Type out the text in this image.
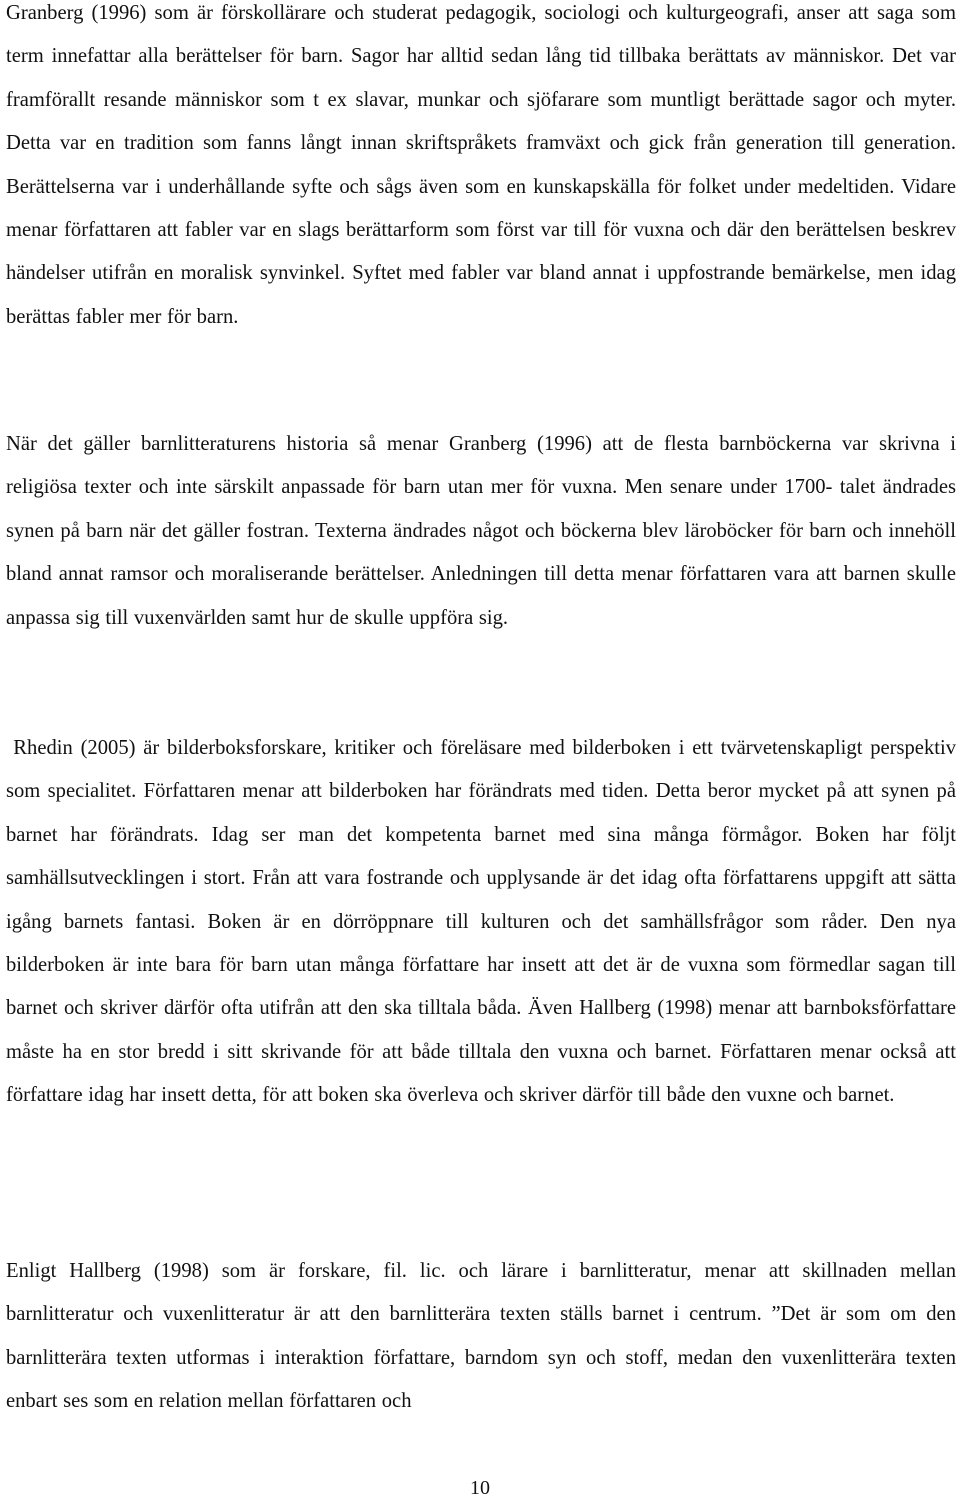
Granberg (1996) som är förskollärare och studerat pedagogik, sociologi och kulturgeografi, anser att saga som term innefattar alla berättelser för barn. Sagor har alltid sedan lång tid tillbaka berättats av människor. Det var framförallt resande människor som t ex slavar, munkar och sjöfarare som muntligt berättade sagor och myter. Detta var en tradition som fanns långt innan skriftspråkets framväxt och gick från generation till generation. Berättelserna var i underhållande syfte och sågs även som en kunskapskälla för folket under medeltiden. Vidare menar författaren att fabler var en slags berättarform som först var till för vuxna och där den berättelsen beskrev händelser utifrån en moralisk synvinkel. Syftet med fabler var bland annat i uppfostrande bemärkelse, men idag berättas fabler mer för barn.
När det gäller barnlitteraturens historia så menar Granberg (1996) att de flesta barnböckerna var skrivna i religiösa texter och inte särskilt anpassade för barn utan mer för vuxna. Men senare under 1700- talet ändrades synen på barn när det gäller fostran. Texterna ändrades något och böckerna blev läroböcker för barn och innehöll bland annat ramsor och moraliserande berättelser. Anledningen till detta menar författaren vara att barnen skulle anpassa sig till vuxenvärlden samt hur de skulle uppföra sig.
Rhedin (2005) är bilderboksforskare, kritiker och föreläsare med bilderboken i ett tvärvetenskapligt perspektiv som specialitet. Författaren menar att bilderboken har förändrats med tiden. Detta beror mycket på att synen på barnet har förändrats. Idag ser man det kompetenta barnet med sina många förmågor. Boken har följt samhällsutvecklingen i stort. Från att vara fostrande och upplysande är det idag ofta författarens uppgift att sätta igång barnets fantasi. Boken är en dörröppnare till kulturen och det samhällsfrågor som råder. Den nya bilderboken är inte bara för barn utan många författare har insett att det är de vuxna som förmedlar sagan till barnet och skriver därför ofta utifrån att den ska tilltala båda. Även Hallberg (1998) menar att barnboksförfattare måste ha en stor bredd i sitt skrivande för att både tilltala den vuxna och barnet. Författaren menar också att författare idag har insett detta, för att boken ska överleva och skriver därför till både den vuxne och barnet.
Enligt Hallberg (1998) som är forskare, fil. lic. och lärare i barnlitteratur, menar att skillnaden mellan barnlitteratur och vuxenlitteratur är att den barnlitterära texten ställs barnet i centrum. ”Det är som om den barnlitterära texten utformas i interaktion författare, barndom syn och stoff, medan den vuxenlitterära texten enbart ses som en relation mellan författaren och
10
